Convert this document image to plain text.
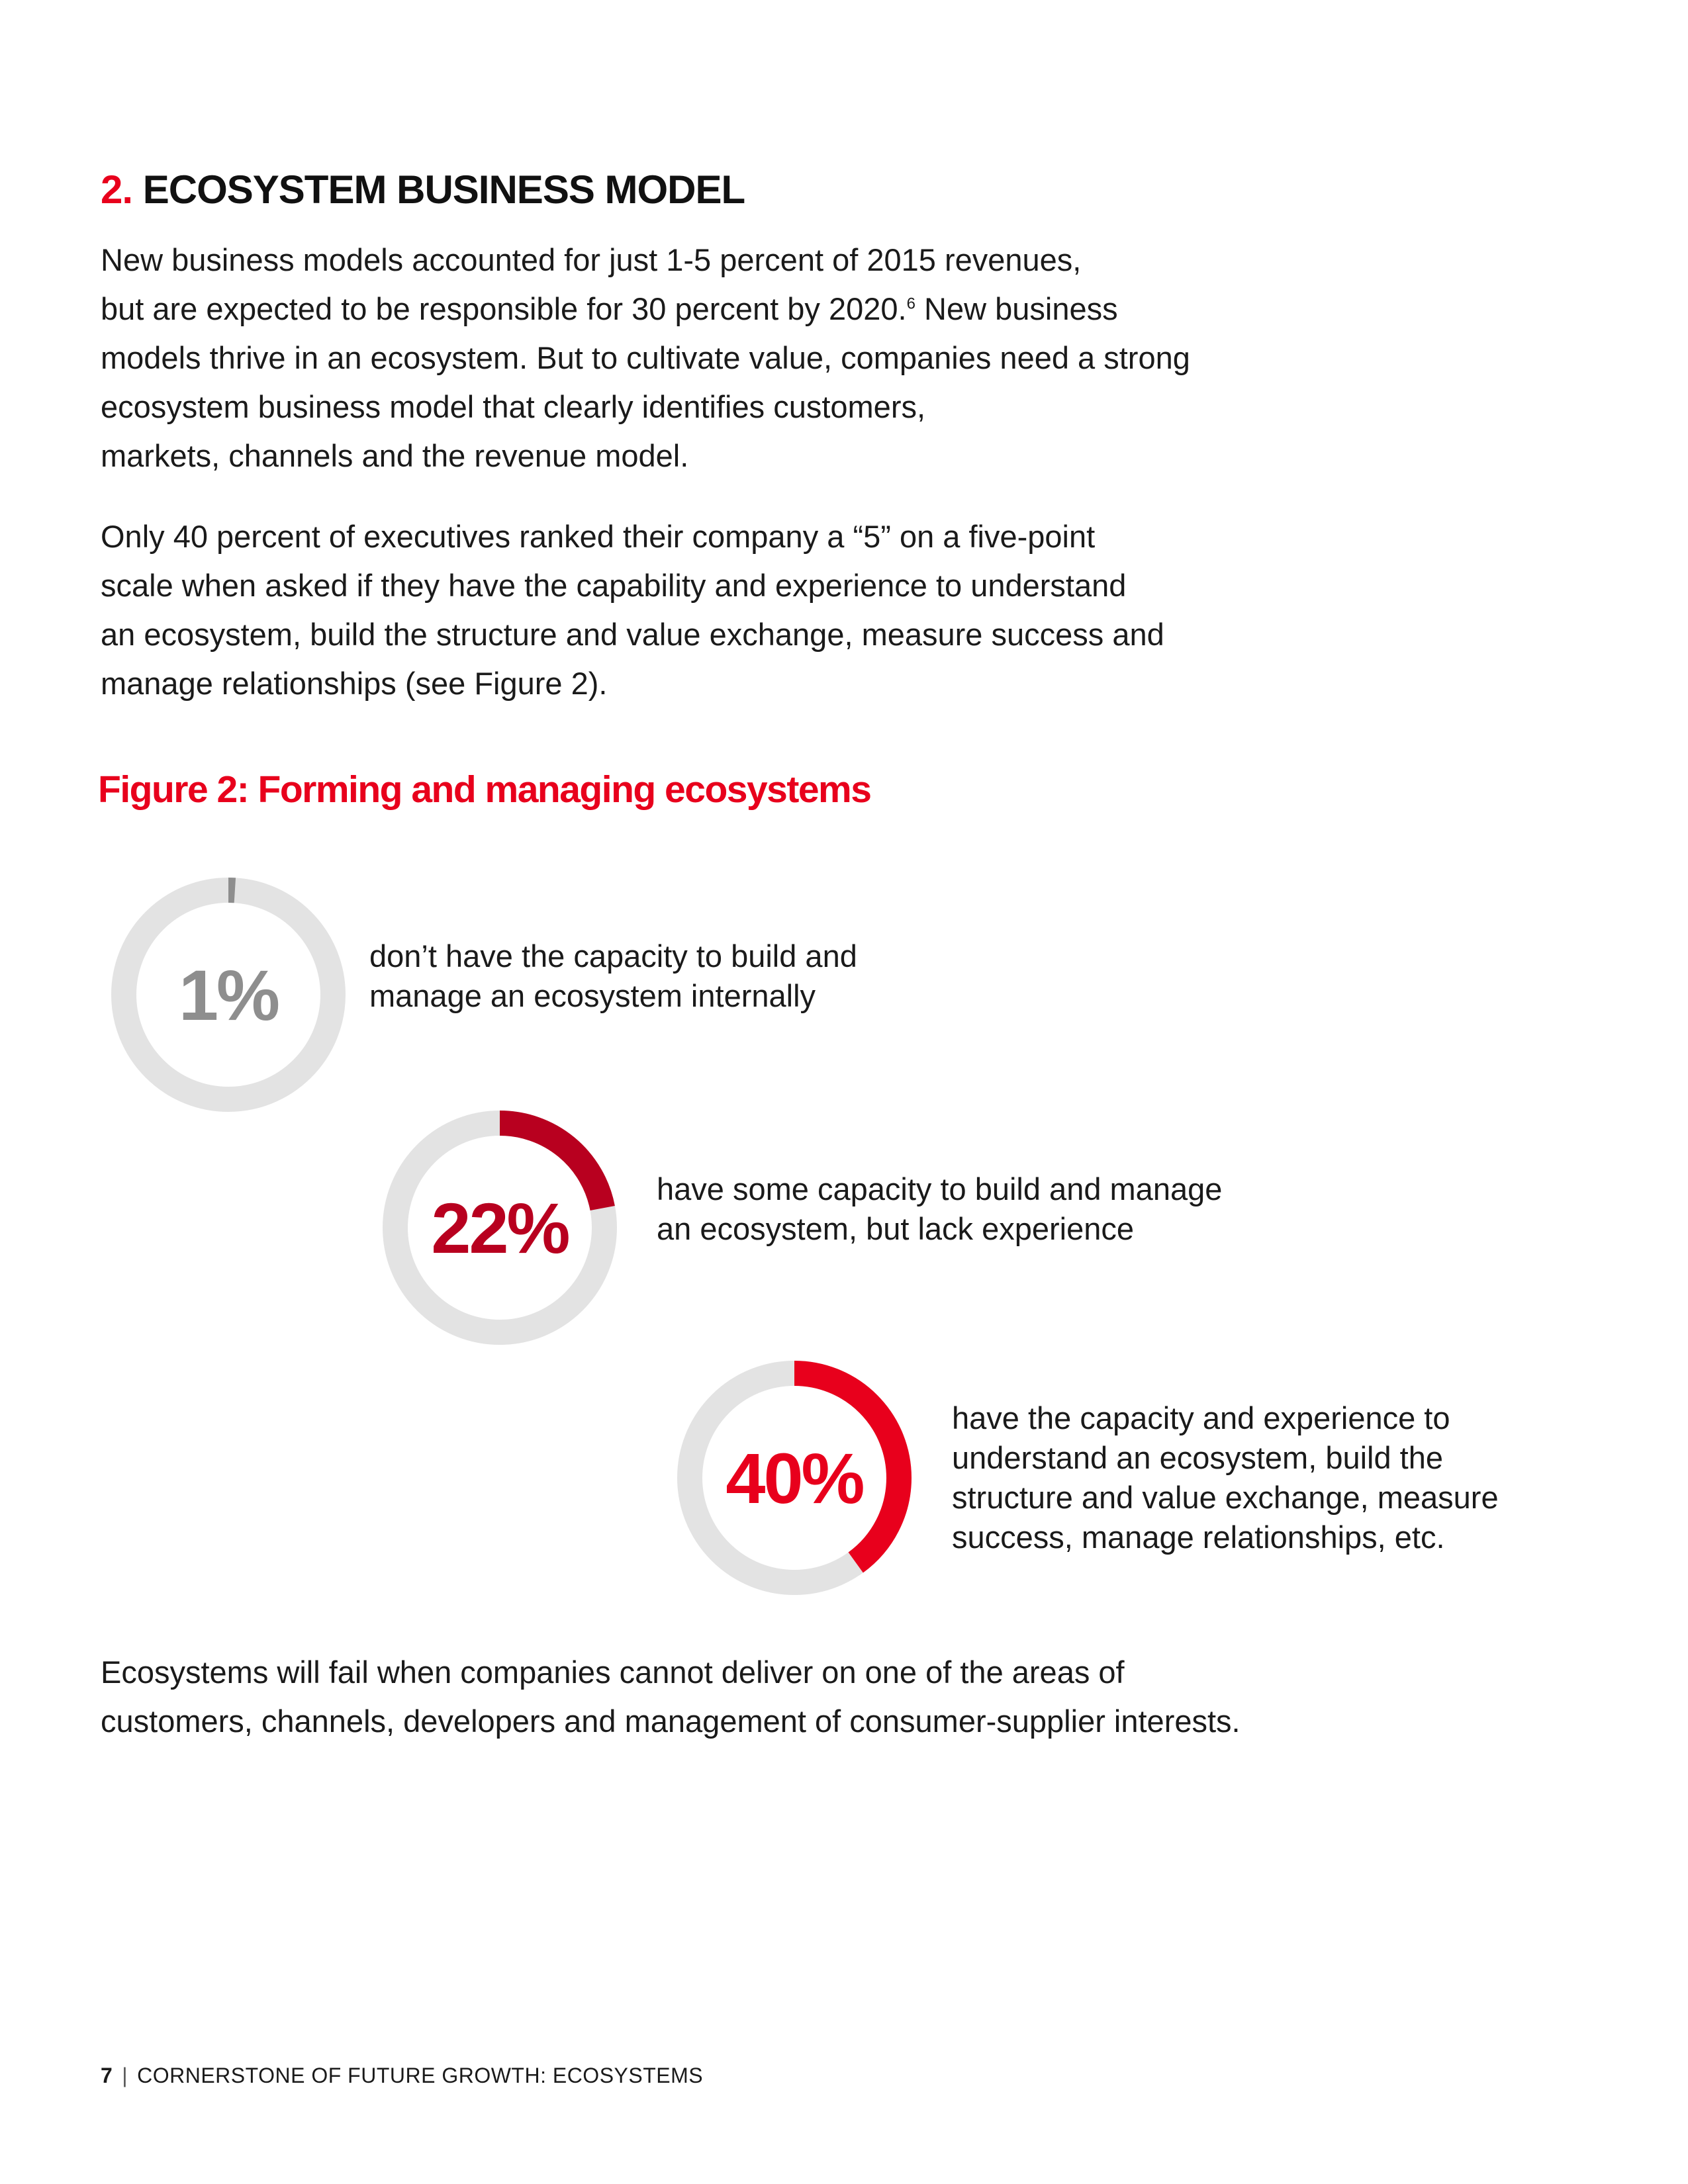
2. ECOSYSTEM BUSINESS MODEL

New business models accounted for just 1-5 percent of 2015 revenues,
but are expected to be responsible for 30 percent by 2020.$^6$ New business
models thrive in an ecosystem. But to cultivate value, companies need a strong
ecosystem business model that clearly identifies customers,
markets, channels and the revenue model.

Only 40 percent of executives ranked their company a “5” on a five-point
scale when asked if they have the capability and experience to understand
an ecosystem, build the structure and value exchange, measure success and
manage relationships (see Figure 2).

Figure 2: Forming and managing ecosystems
1%	don’t have the capacity to build and
manage an ecosystem internally

22%	have some capacity to build and manage
an ecosystem, but lack experience

40%

have the capacity and experience to
understand an ecosystem, build the
structure and value exchange, measure
success, manage relationships, etc.

Ecosystems will fail when companies cannot deliver on one of the areas of
customers, channels, developers and management of consumer-supplier interests.

7 | CORNERSTONE OF FUTURE GROWTH: ECOSYSTEMS
